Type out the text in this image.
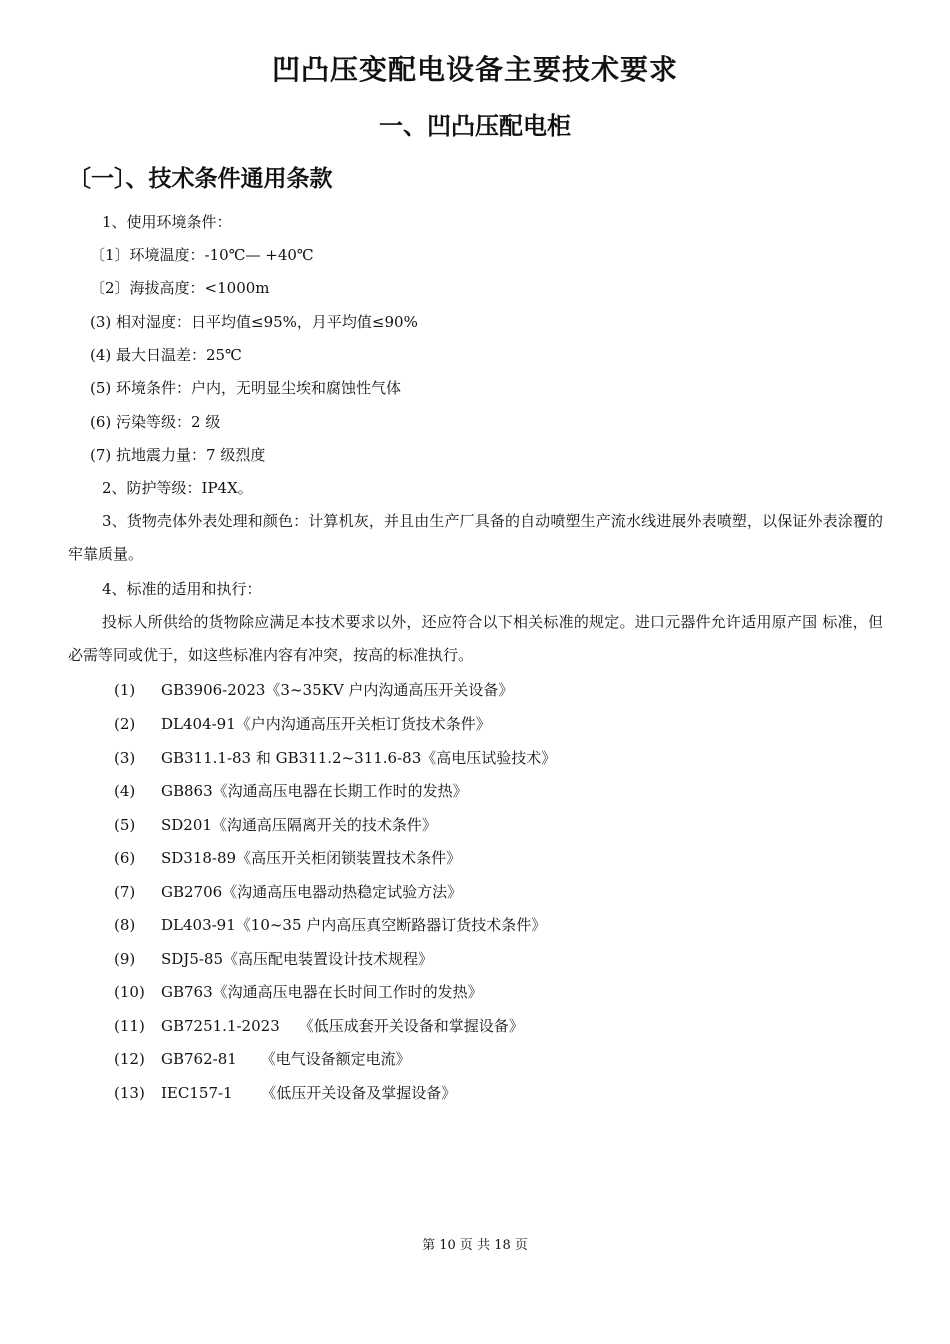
凹凸压变配电设备主要技术要求
一、凹凸压配电柜
〔一〕、技术条件通用条款
1、使用环境条件：
〔1〕环境温度：-10℃— +40℃
〔2〕海拔高度：<1000m
(3) 相对湿度：日平均值≤95%，月平均值≤90%
(4) 最大日温差：25℃
(5) 环境条件：户内，无明显尘埃和腐蚀性气体
(6) 污染等级：2 级
(7) 抗地震力量：7 级烈度
2、防护等级：IP4X。
3、货物壳体外表处理和颜色：计算机灰，并且由生产厂具备的自动喷塑生产流水线进展外表喷塑，以保证外表涂覆的牢靠质量。
4、标准的适用和执行：
投标人所供给的货物除应满足本技术要求以外，还应符合以下相关标准的规定。进口元器件允许适用原产国 标准，但必需等同或优于，如这些标准内容有冲突，按高的标准执行。
(1) GB3906-2023《3~35KV 户内沟通高压开关设备》
(2) DL404-91《户内沟通高压开关柜订货技术条件》
(3) GB311.1-83 和 GB311.2~311.6-83《高电压试验技术》
(4) GB863《沟通高压电器在长期工作时的发热》
(5) SD201《沟通高压隔离开关的技术条件》
(6) SD318-89《高压开关柜闭锁装置技术条件》
(7) GB2706《沟通高压电器动热稳定试验方法》
(8) DL403-91《10~35 户内高压真空断路器订货技术条件》
(9) SDJ5-85《高压配电装置设计技术规程》
(10) GB763《沟通高压电器在长时间工作时的发热》
(11) GB7251.1-2023    《低压成套开关设备和掌握设备》
(12) GB762-81     《电气设备额定电流》
(13) IEC157-1      《低压开关设备及掌握设备》
第 10 页 共 18 页
